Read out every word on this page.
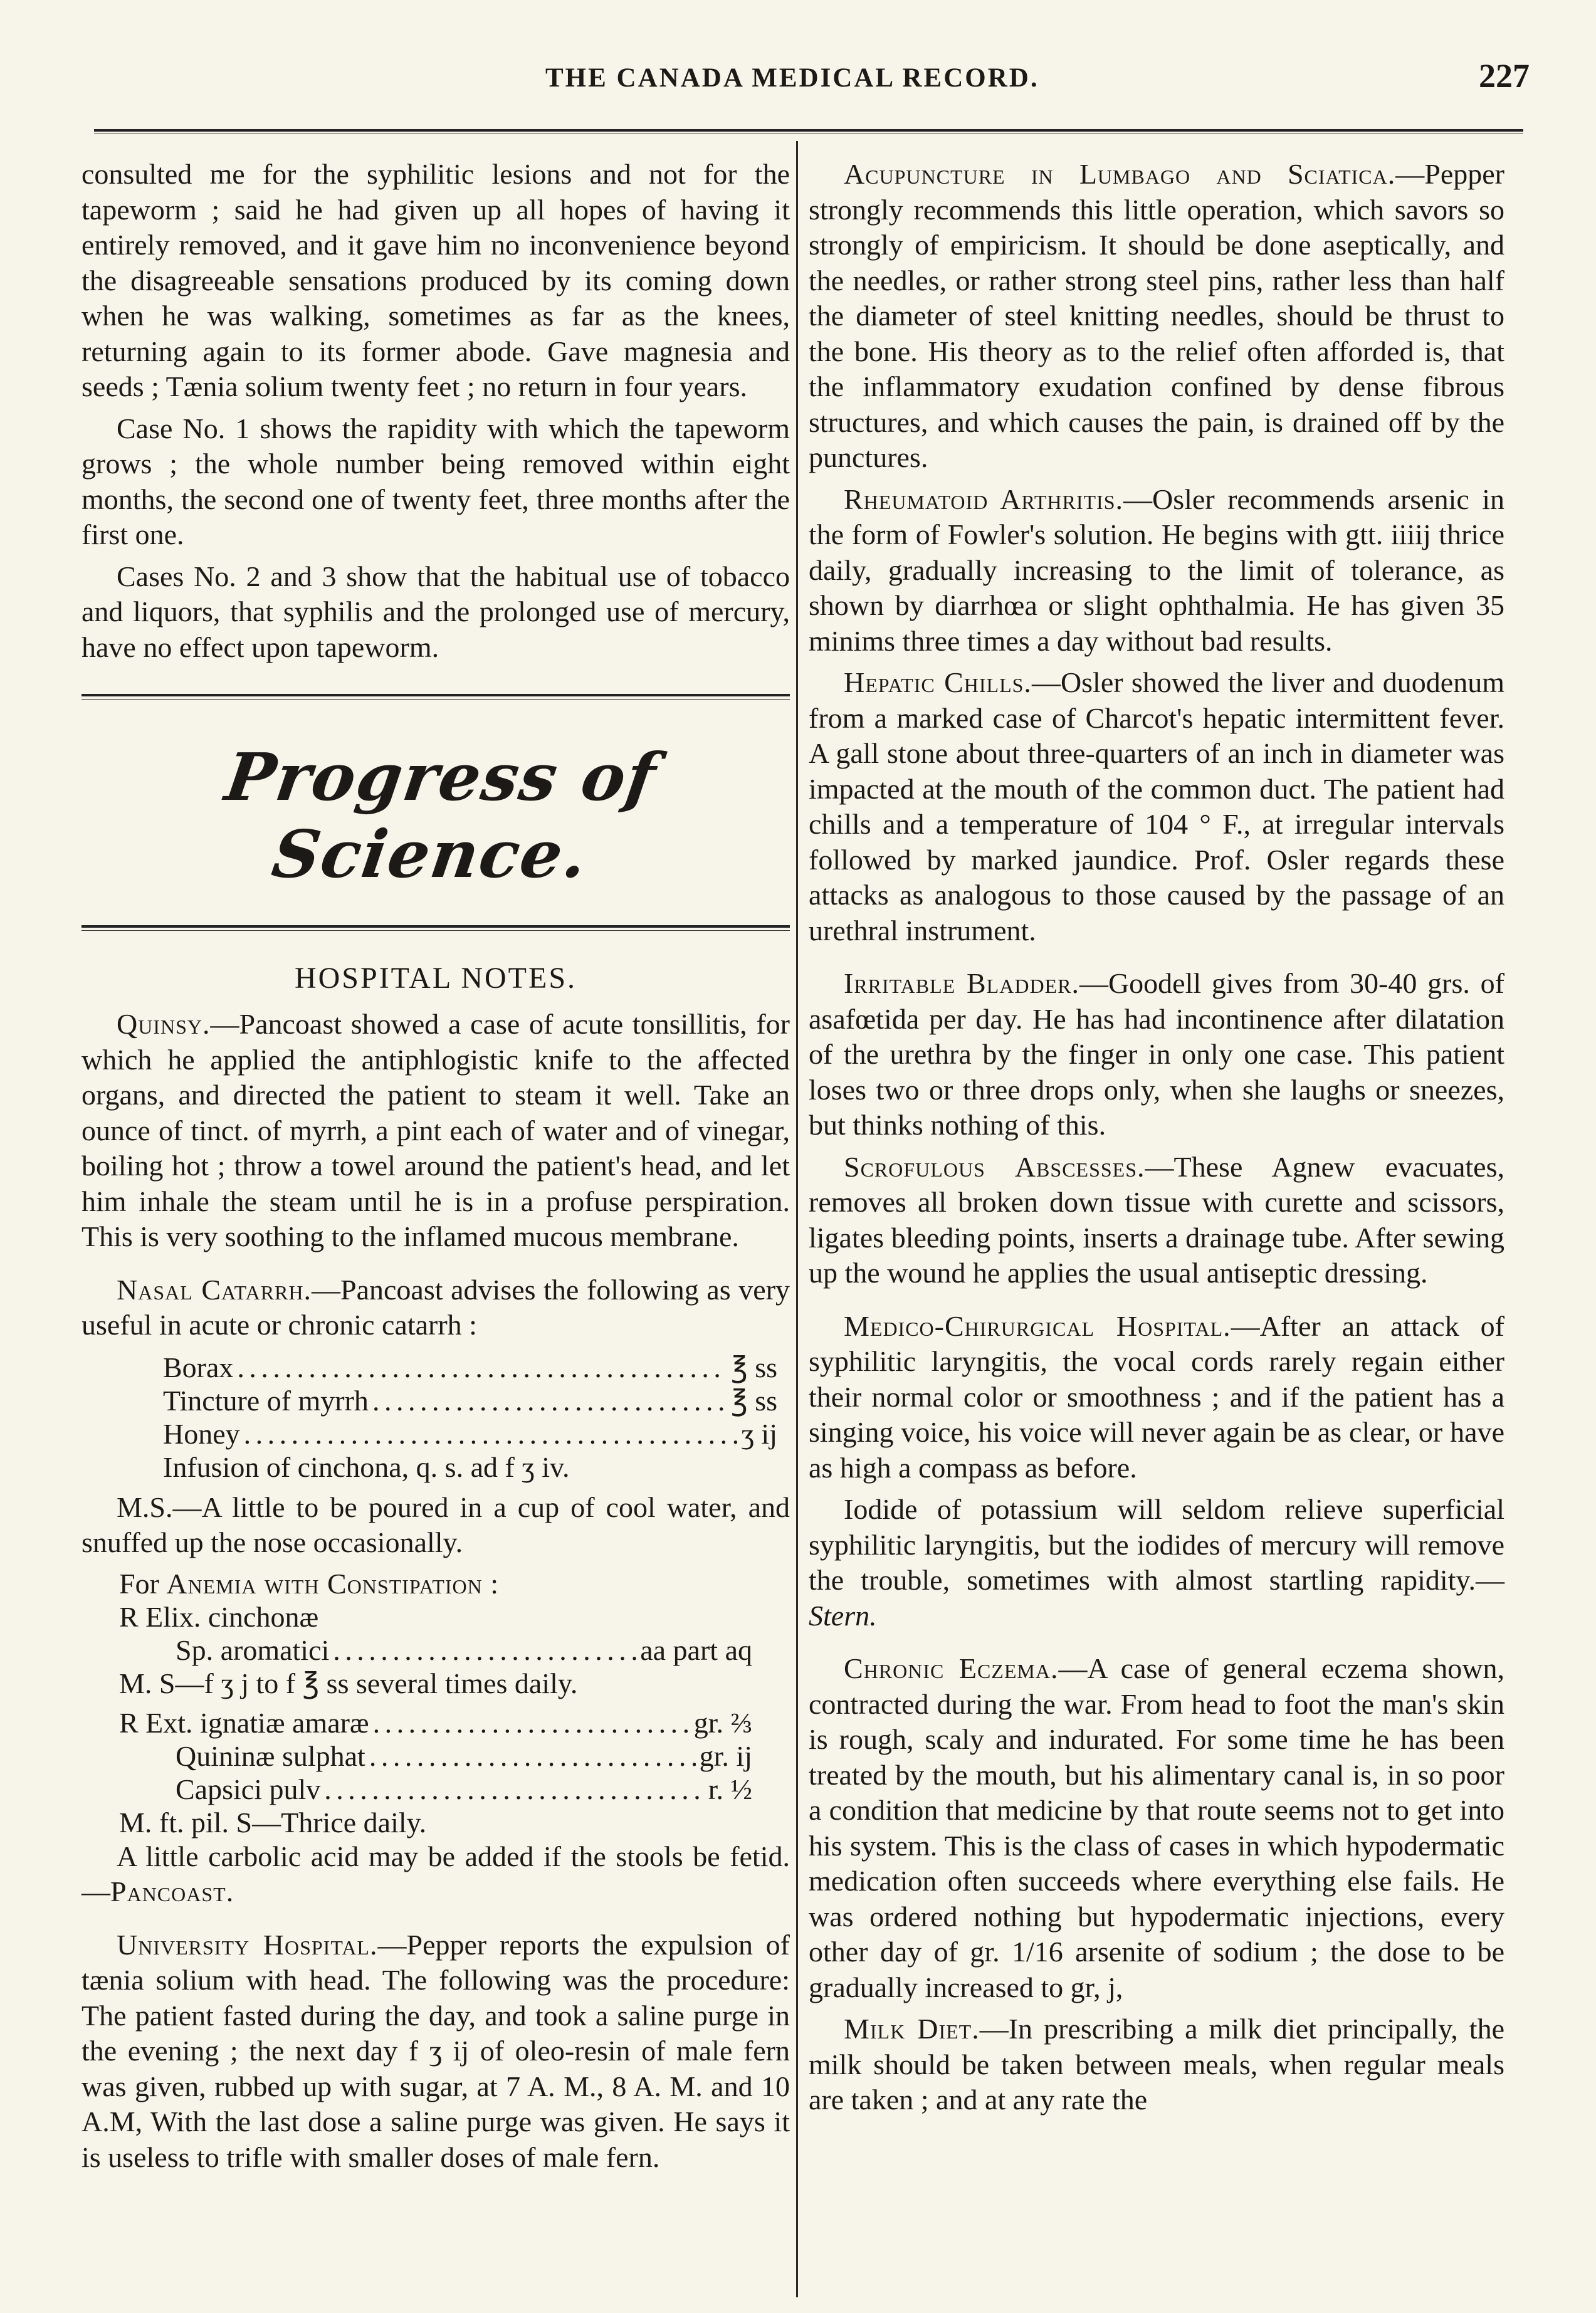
THE CANADA MEDICAL RECORD.	227

consulted me for the syphilitic lesions and not for the tapeworm ; said he had given up all hopes of having it entirely removed, and it gave him no inconvenience beyond the disagreeable sensations produced by its coming down when he was walking, sometimes as far as the knees, returning again to its former abode. Gave magnesia and seeds ; Tænia solium twenty feet ; no return in four years.

Case No. 1 shows the rapidity with which the tapeworm grows ; the whole number being removed within eight months, the second one of twenty feet, three months after the first one.

Cases No. 2 and 3 show that the habitual use of tobacco and liquors, that syphilis and the prolonged use of mercury, have no effect upon tapeworm.

Progress of Science.
HOSPITAL NOTES.

Quinsy.—Pancoast showed a case of acute tonsillitis, for which he applied the antiphlogistic knife to the affected organs, and directed the patient to steam it well. Take an ounce of tinct. of myrrh, a pint each of water and of vinegar, boiling hot ; throw a towel around the patient's head, and let him inhale the steam until he is in a profuse perspiration. This is very soothing to the inflamed mucous membrane.

Nasal Catarrh.—Pancoast advises the following as very useful in acute or chronic catarrh :

Borax . . .	℥ ss
Tincture of myrrh . . .	℥ ss
Honey . . .	ʒ ij
Infusion of cinchona, q. s. ad f ʒ iv.

M.S.—A little to be poured in a cup of cool water, and snuffed up the nose occasionally.

For Anemia with Constipation :
R Elix. cinchonæ
Sp. aromatici . . .	aa part aq
M. S—f ʒ j to f ℥ ss several times daily.
R Ext. ignatiæ amaræ . . .	gr. ⅔
Quininæ sulphat . . .	gr. ij
Capsici pulv . . .	r. ½
M. ft. pil. S—Thrice daily.

A little carbolic acid may be added if the stools be fetid.—Pancoast.

University Hospital.—Pepper reports the expulsion of tænia solium with head. The following was the procedure: The patient fasted during the day, and took a saline purge in the evening ; the next day f ʒ ij of oleo-resin of male fern was given, rubbed up with sugar, at 7 A. M., 8 A. M. and 10 A.M, With the last dose a saline purge was given. He says it is useless to trifle with smaller doses of male fern.

Acupuncture in Lumbago and Sciatica.—Pepper strongly recommends this little operation, which savors so strongly of empiricism. It should be done aseptically, and the needles, or rather strong steel pins, rather less than half the diameter of steel knitting needles, should be thrust to the bone. His theory as to the relief often afforded is, that the inflammatory exudation confined by dense fibrous structures, and which causes the pain, is drained off by the punctures.

Rheumatoid Arthritis.—Osler recommends arsenic in the form of Fowler's solution. He begins with gtt. iiiij thrice daily, gradually increasing to the limit of tolerance, as shown by diarrhœa or slight ophthalmia. He has given 35 minims three times a day without bad results.

Hepatic Chills.—Osler showed the liver and duodenum from a marked case of Charcot's hepatic intermittent fever. A gall stone about three-quarters of an inch in diameter was impacted at the mouth of the common duct. The patient had chills and a temperature of 104 ° F., at irregular intervals followed by marked jaundice. Prof. Osler regards these attacks as analogous to those caused by the passage of an urethral instrument.

Irritable Bladder.—Goodell gives from 30-40 grs. of asafœtida per day. He has had incontinence after dilatation of the urethra by the finger in only one case. This patient loses two or three drops only, when she laughs or sneezes, but thinks nothing of this.

Scrofulous Abscesses.—These Agnew evacuates, removes all broken down tissue with curette and scissors, ligates bleeding points, inserts a drainage tube. After sewing up the wound he applies the usual antiseptic dressing.

Medico-Chirurgical Hospital.—After an attack of syphilitic laryngitis, the vocal cords rarely regain either their normal color or smoothness ; and if the patient has a singing voice, his voice will never again be as clear, or have as high a compass as before.

Iodide of potassium will seldom relieve superficial syphilitic laryngitis, but the iodides of mercury will remove the trouble, sometimes with almost startling rapidity.—Stern.

Chronic Eczema.—A case of general eczema shown, contracted during the war. From head to foot the man's skin is rough, scaly and indurated. For some time he has been treated by the mouth, but his alimentary canal is, in so poor a condition that medicine by that route seems not to get into his system. This is the class of cases in which hypodermatic medication often succeeds where everything else fails. He was ordered nothing but hypodermatic injections, every other day of gr. 1/16 arsenite of sodium ; the dose to be gradually increased to gr, j,

Milk Diet.—In prescribing a milk diet principally, the milk should be taken between meals, when regular meals are taken ; and at any rate the
